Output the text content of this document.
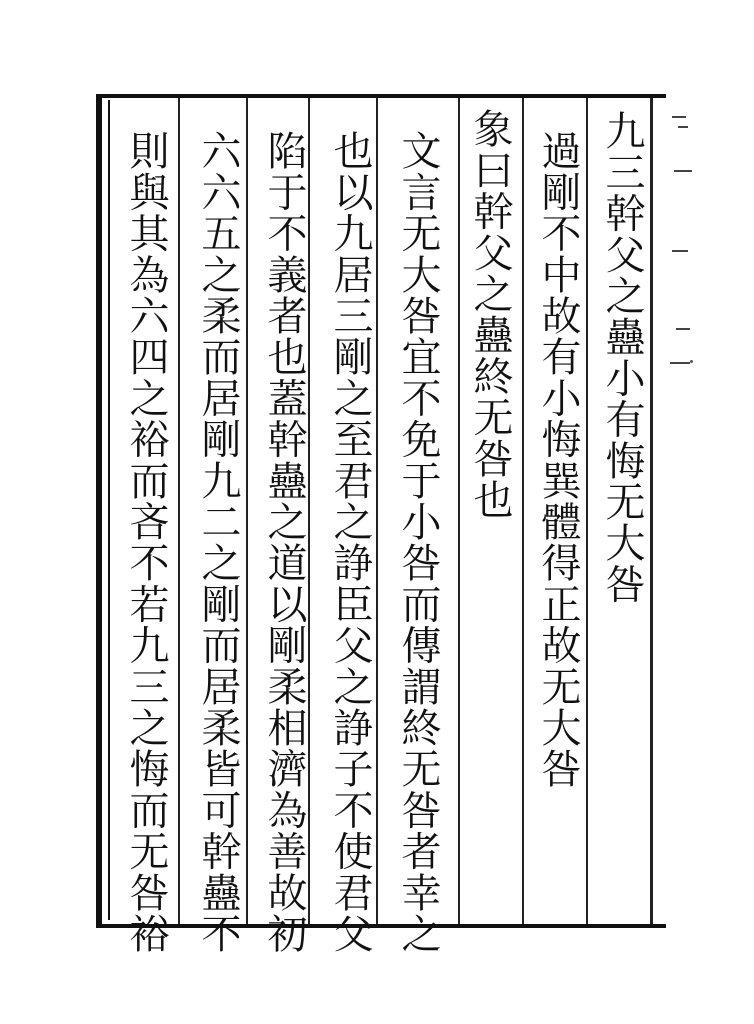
九三幹父之蠱小有悔无大咎
過剛不中故有小悔巽體得正故无大咎
象曰幹父之蠱終无咎也
文言无大咎宜不免于小咎而傳謂終无咎者幸之
也以九居三剛之至君之諍臣父之諍子不使君父
陷于不義者也蓋幹蠱之道以剛柔相濟為善故初
六六五之柔而居剛九二之剛而居柔皆可幹蠱不
則與其為六四之裕而吝不若九三之悔而无咎裕
